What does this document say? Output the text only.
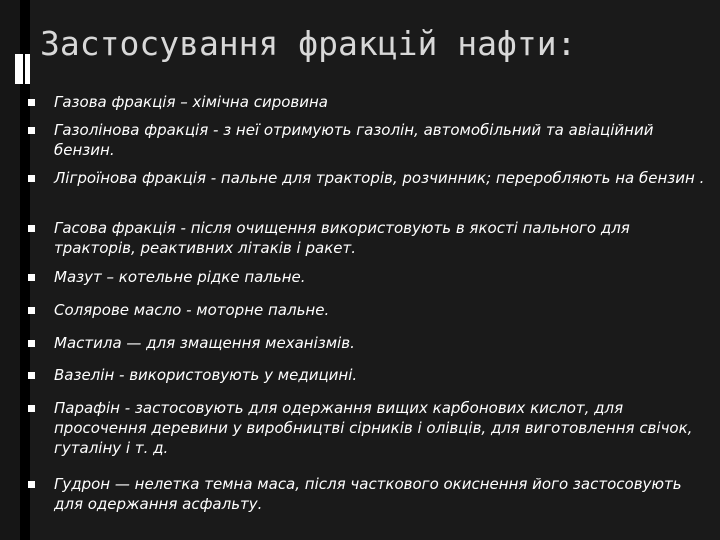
Застосування фракцій нафти:
Газова фракція – хімічна сировина
Газолінова фракція - з неї отримують газолін, автомобільний та авіаційний бензин.
Лігроїнова фракція - пальне для тракторів, розчинник; переробляють на бензин .
Гасова фракція - після очищення використовують в якості пального для тракторів, реактивних літаків і ракет.
Мазут – котельне рідке пальне.
Солярове масло - моторне пальне.
Мастила — для змащення механізмів.
Вазелін - використовують у медицині.
Парафін - застосовують для одержання вищих карбонових кислот, для просочення деревини у виробництві сірників і олівців, для виготовлення свічок, гуталіну і т. д.
Гудрон — нелетка темна маса, після часткового окиснення його застосовують для одержання асфальту.
